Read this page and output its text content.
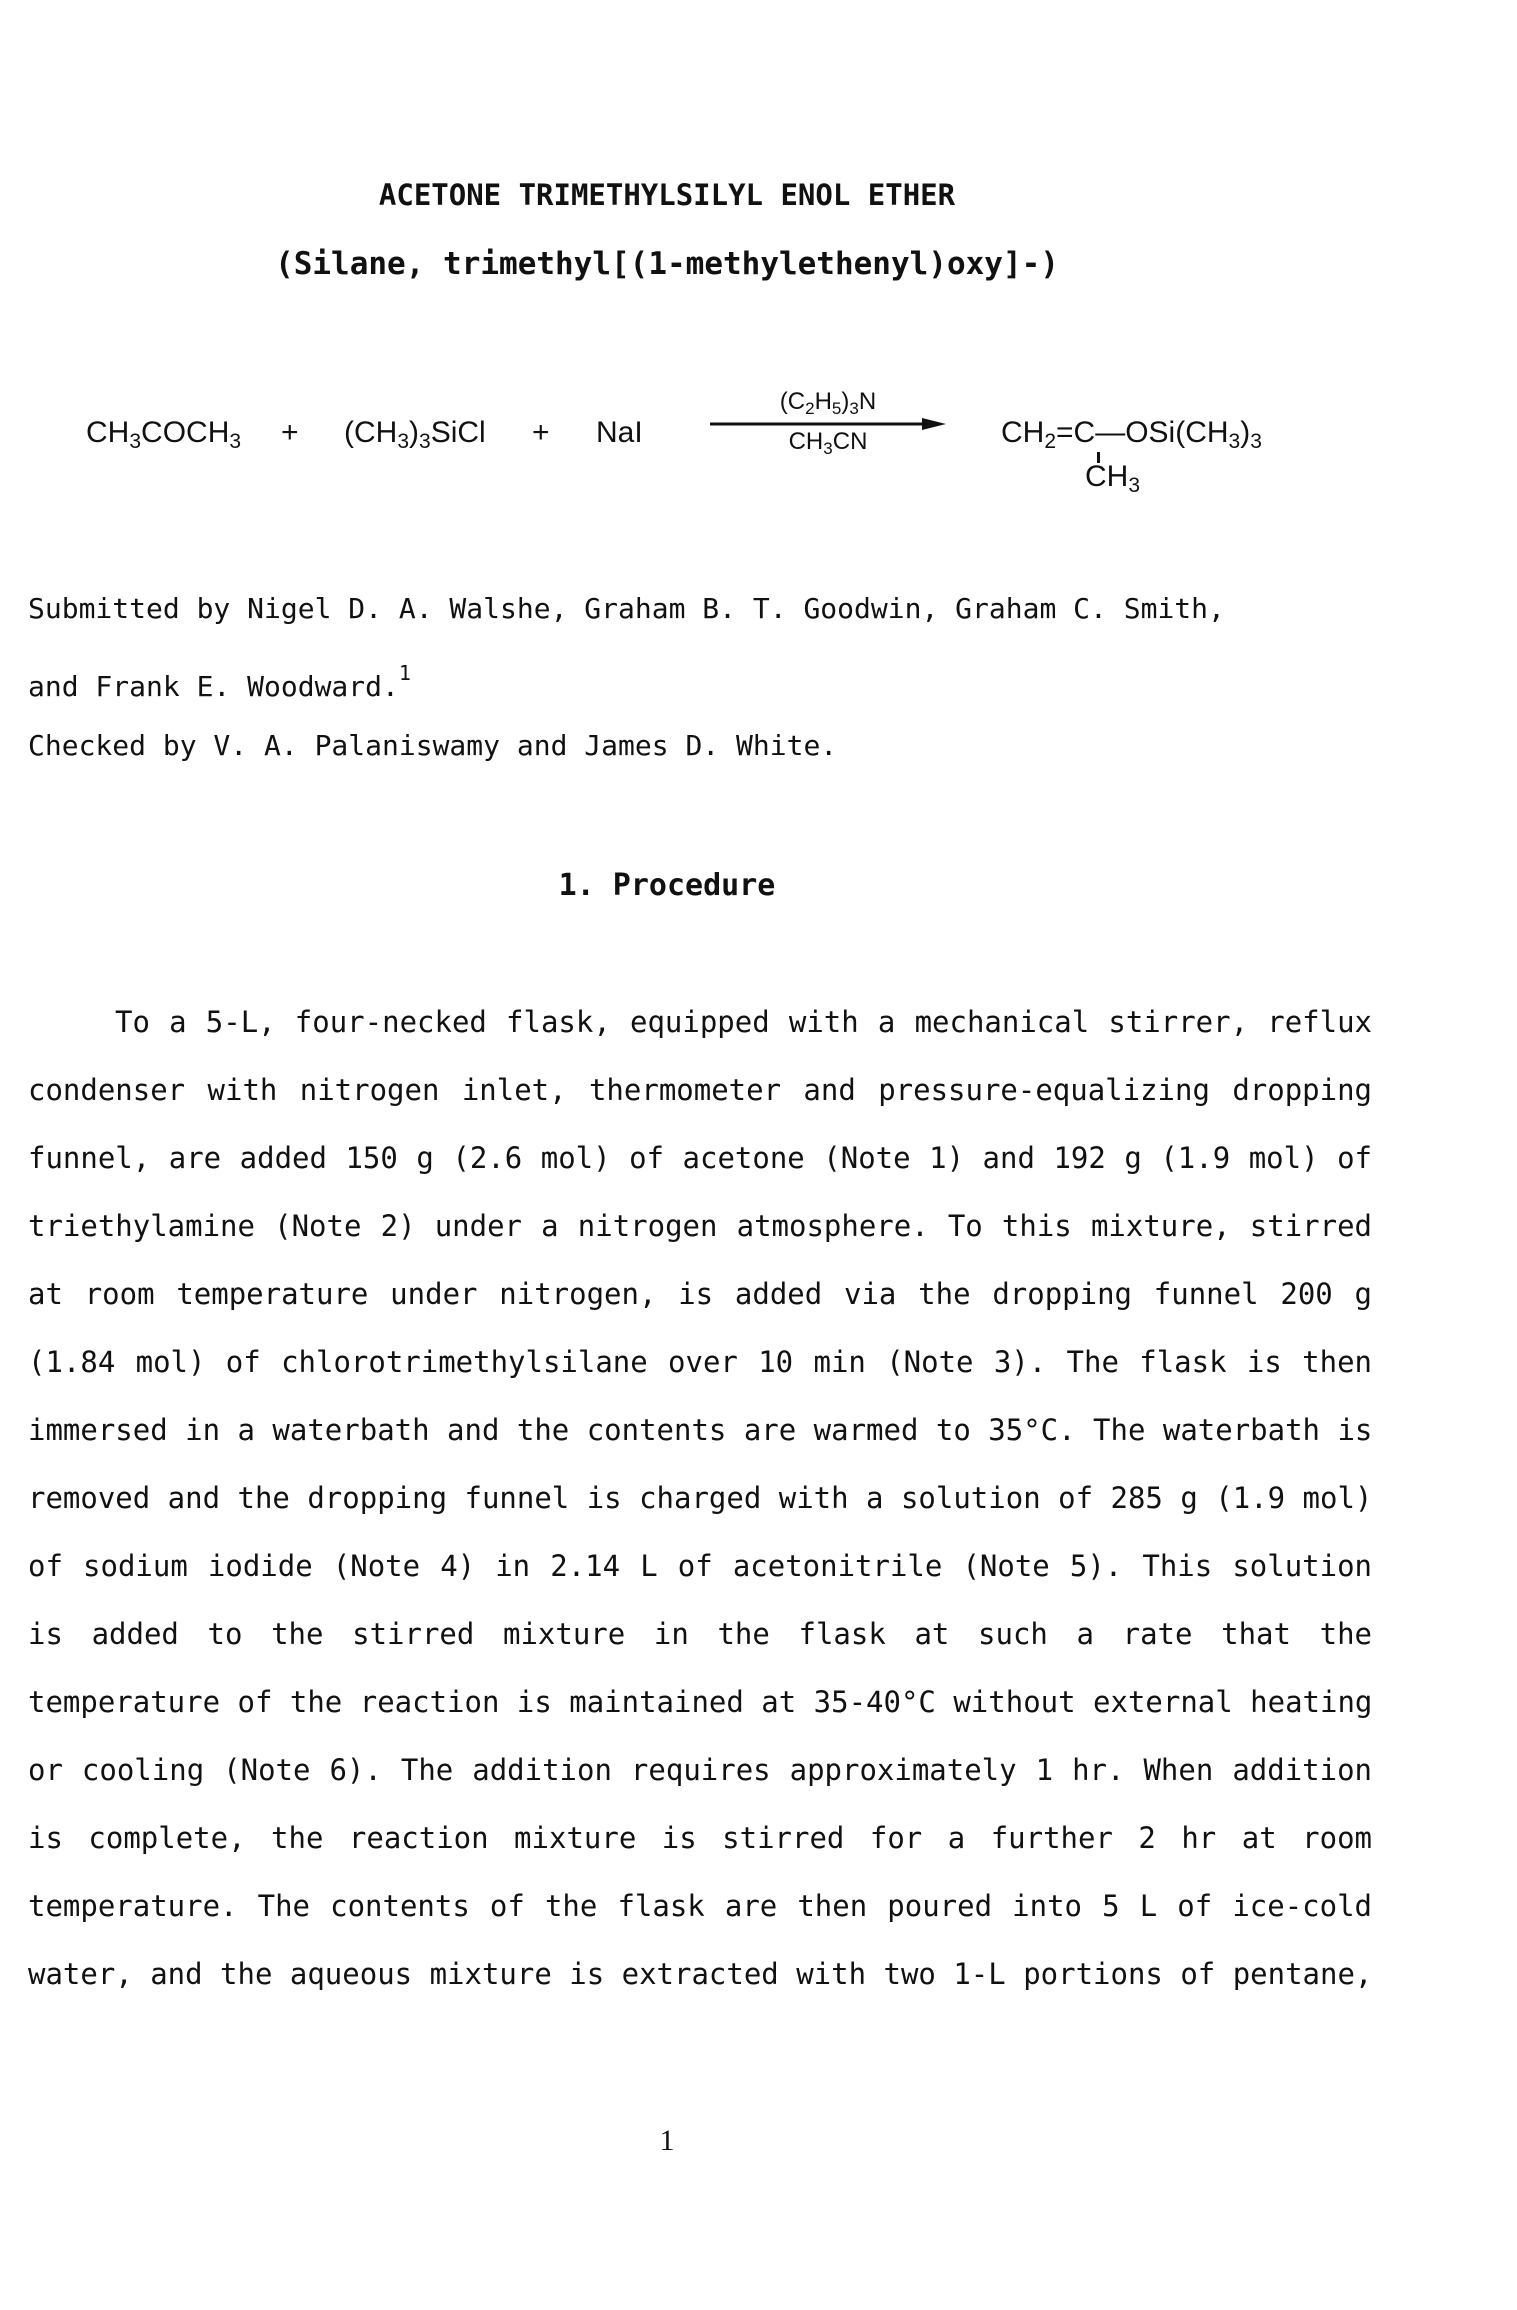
ACETONE TRIMETHYLSILYL ENOL ETHER
(Silane, trimethyl[(1-methylethenyl)oxy]-)
$CH_3COCH_3$ + $(CH_3)_3SiCl$ + NaI
$(C_2H_5)_3N$
$CH_3CN$	$CH_2=C—OSi(CH_3)_3$
$CH_3$
Submitted by Nigel D. A. Walshe, Graham B. T. Goodwin, Graham C. Smith,
and Frank E. Woodward.$^1$
Checked by V. A. Palaniswamy and James D. White.
1. Procedure
To a 5-L, four-necked flask, equipped with a mechanical stirrer, reflux
condenser with nitrogen inlet, thermometer and pressure-equalizing dropping
funnel, are added 150 g (2.6 mol) of acetone (Note 1) and 192 g (1.9 mol) of
triethylamine (Note 2) under a nitrogen atmosphere. To this mixture, stirred
at room temperature under nitrogen, is added via the dropping funnel 200 g
(1.84 mol) of chlorotrimethylsilane over 10 min (Note 3). The flask is then
immersed in a waterbath and the contents are warmed to 35°C. The waterbath is
removed and the dropping funnel is charged with a solution of 285 g (1.9 mol)
of sodium iodide (Note 4) in 2.14 L of acetonitrile (Note 5). This solution
is added to the stirred mixture in the flask at such a rate that the
temperature of the reaction is maintained at 35-40°C without external heating
or cooling (Note 6). The addition requires approximately 1 hr. When addition
is complete, the reaction mixture is stirred for a further 2 hr at room
temperature. The contents of the flask are then poured into 5 L of ice-cold
water, and the aqueous mixture is extracted with two 1-L portions of pentane,
1
